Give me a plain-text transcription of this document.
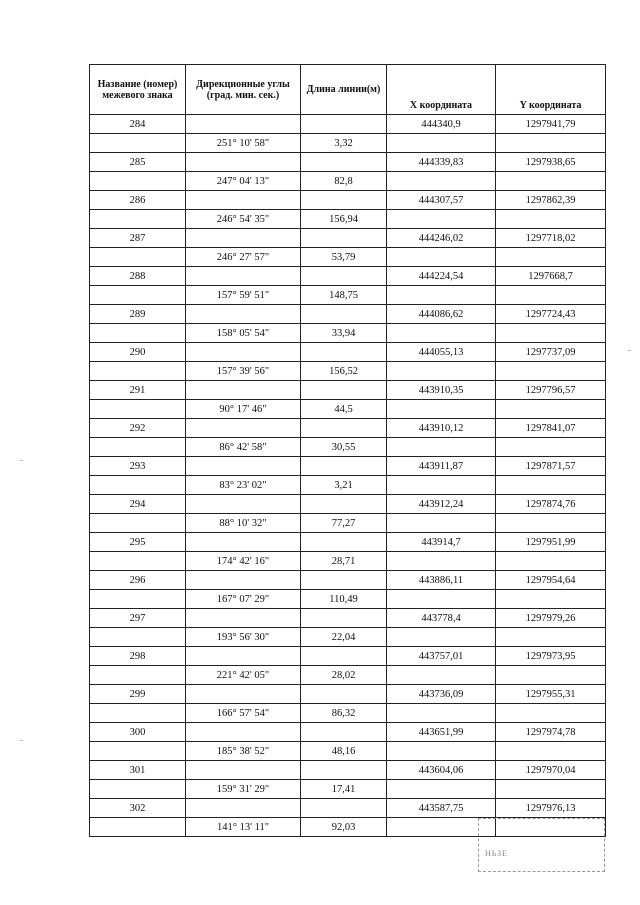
Название (номер) межевого знака	Дирекционные углы (град. мин. сек.)	Длина линии(м)	X координата	Y координата
284			444340,9	1297941,79
	251° 10' 58"	3,32		
285			444339,83	1297938,65
	247° 04' 13"	82,8		
286			444307,57	1297862,39
	246° 54' 35"	156,94		
287			444246,02	1297718,02
	246° 27' 57"	53,79		
288			444224,54	1297668,7
	157° 59' 51"	148,75		
289			444086,62	1297724,43
	158° 05' 54"	33,94		
290			444055,13	1297737,09
	157° 39' 56"	156,52		
291			443910,35	1297796,57
	90° 17' 46"	44,5		
292			443910,12	1297841,07
	86° 42' 58"	30,55		
293			443911,87	1297871,57
	83° 23' 02"	3,21		
294			443912,24	1297874,76
	88° 10' 32"	77,27		
295			443914,7	1297951,99
	174° 42' 16"	28,71		
296			443886,11	1297954,64
	167° 07' 29"	110,49		
297			443778,4	1297979,26
	193° 56' 30"	22,04		
298			443757,01	1297973,95
	221° 42' 05"	28,02		
299			443736,09	1297955,31
	166° 57' 54"	86,32		
300			443651,99	1297974,78
	185° 38' 52"	48,16		
301			443604,06	1297970,04
	159° 31' 29"	17,41		
302			443587,75	1297976,13
	141° 13' 11"	92,03		
НЬЗЕ
